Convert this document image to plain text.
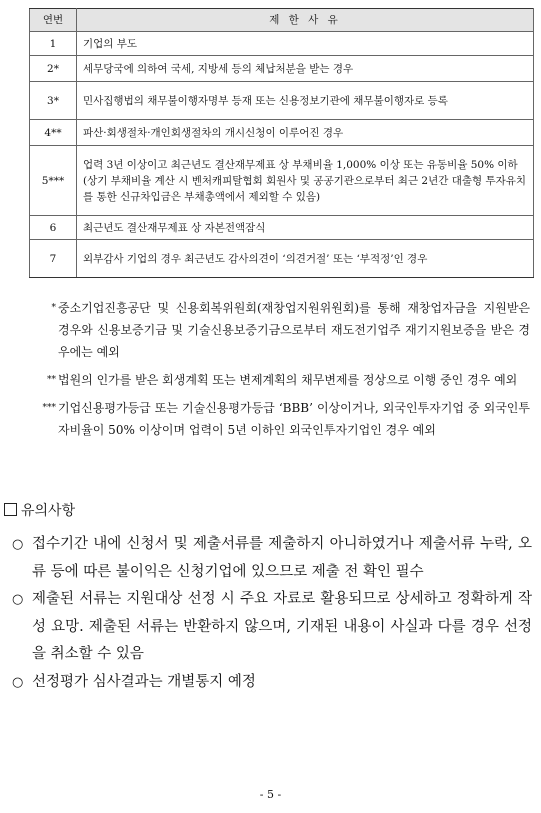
연번	제 한 사 유
1	기업의 부도
2*	세무당국에 의하여 국세, 지방세 등의 체납처분을 받는 경우
3*	민사집행법의 채무불이행자명부 등재 또는 신용정보기관에 채무불이행자로 등록
4**	파산·회생절차·개인회생절차의 개시신청이 이루어진 경우
5***	업력 3년 이상이고 최근년도 결산재무제표 상 부채비율 1,000% 이상 또는 유동비율 50% 이하
(상기 부채비율 계산 시 벤처캐피탈협회 회원사 및 공공기관으로부터 최근 2년간 대출형 투자유치를 통한 신규차입금은 부채총액에서 제외할 수 있음)

6	최근년도 결산재무제표 상 자본전액잠식
7	외부감사 기업의 경우 최근년도 감사의견이 ‘의견거절’ 또는 ‘부적정’인 경우
* 중소기업진흥공단 및 신용회복위원회(재창업지원위원회)를 통해 재창업자금을 지원받은 경우와 신용보증기금 및 기술신용보증기금으로부터 재도전기업주 재기지원보증을 받은 경우에는 예외
** 법원의 인가를 받은 회생계획 또는 변제계획의 채무변제를 정상으로 이행 중인 경우 예외
*** 기업신용평가등급 또는 기술신용평가등급 ‘BBB’ 이상이거나, 외국인투자기업 중 외국인투자비율이 50% 이상이며 업력이 5년 이하인 외국인투자기업인 경우 예외
유의사항
○ 접수기간 내에 신청서 및 제출서류를 제출하지 아니하였거나 제출서류 누락, 오류 등에 따른 불이익은 신청기업에 있으므로 제출 전 확인 필수
○ 제출된 서류는 지원대상 선정 시 주요 자료로 활용되므로 상세하고 정확하게 작성 요망. 제출된 서류는 반환하지 않으며, 기재된 내용이 사실과 다를 경우 선정을 취소할 수 있음
○ 선정평가 심사결과는 개별통지 예정
- 5 -
